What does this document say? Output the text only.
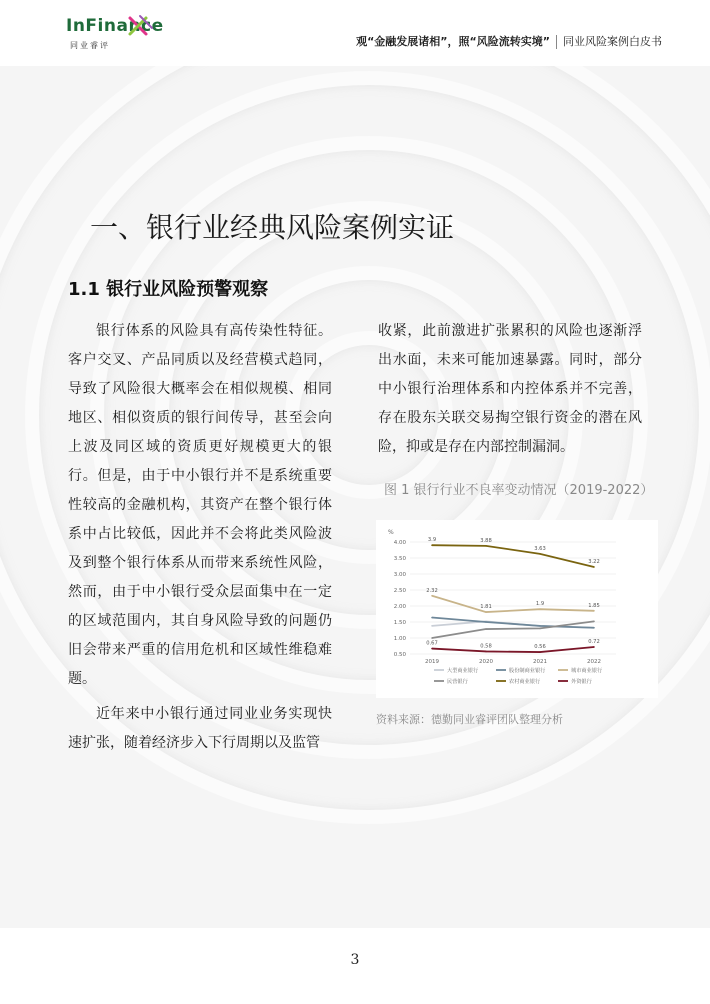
InFinance
同业睿评	观“金融发展诸相”，照“风险流转实境” 同业风险案例白皮书
一、银行业经典风险案例实证
1.1 银行业风险预警观察

银行体系的风险具有高传染性特征。客户交叉、产品同质以及经营模式趋同，导致了风险很大概率会在相似规模、相同地区、相似资质的银行间传导，甚至会向上波及同区域的资质更好规模更大的银行。但是，由于中小银行并不是系统重要性较高的金融机构，其资产在整个银行体系中占比较低，因此并不会将此类风险波及到整个银行体系从而带来系统性风险，然而，由于中小银行受众层面集中在一定的区域范围内，其自身风险导致的问题仍旧会带来严重的信用危机和区域性维稳难题。

近年来中小银行通过同业业务实现快速扩张，随着经济步入下行周期以及监管

收紧，此前激进扩张累积的风险也逐渐浮出水面，未来可能加速暴露。同时，部分中小银行治理体系和内控体系并不完善，存在股东关联交易掏空银行资金的潜在风险，抑或是存在内部控制漏洞。

图 1 银行行业不良率变动情况（2019-2022）
%
0.50
1.00
1.50
2.00
2.50
3.00
3.50
4.00
2019	2020	2021	2022
2.32
1.81	1.9	1.85
3.9	3.88
3.63
3.22
0.67	0.58	0.56
0.72
大型商业银行	股份制商业银行	城市商业银行
民营银行	农村商业银行	外资银行
资料来源：德勤同业睿评团队整理分析
3
